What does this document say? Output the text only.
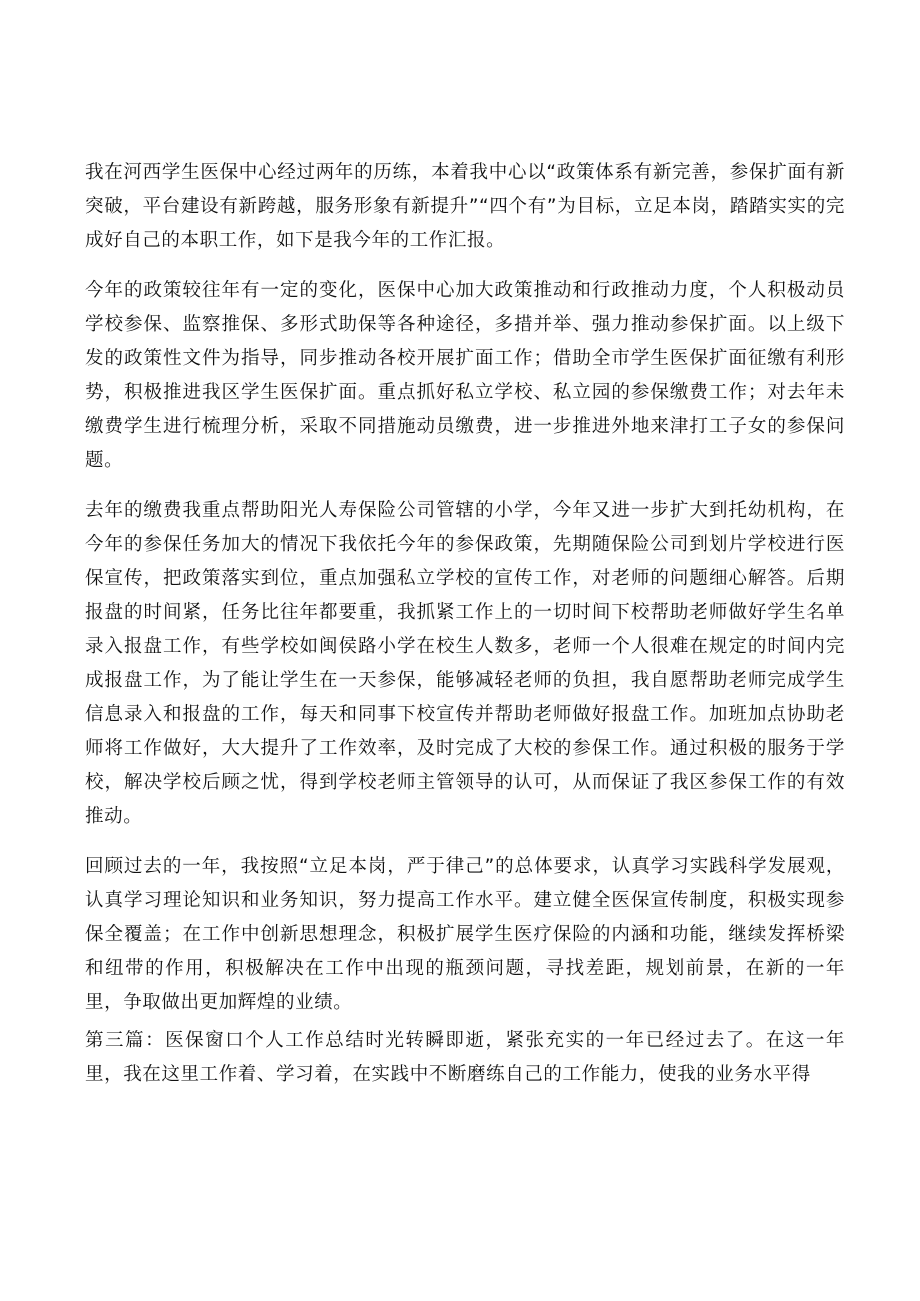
我在河西学生医保中心经过两年的历练，本着我中心以“政策体系有新完善，参保扩面有新突破，平台建设有新跨越，服务形象有新提升”“四个有”为目标，立足本岗，踏踏实实的完成好自己的本职工作，如下是我今年的工作汇报。

今年的政策较往年有一定的变化，医保中心加大政策推动和行政推动力度，个人积极动员学校参保、监察推保、多形式助保等各种途径，多措并举、强力推动参保扩面。以上级下发的政策性文件为指导，同步推动各校开展扩面工作；借助全市学生医保扩面征缴有利形势，积极推进我区学生医保扩面。重点抓好私立学校、私立园的参保缴费工作；对去年未缴费学生进行梳理分析，采取不同措施动员缴费，进一步推进外地来津打工子女的参保问题。

去年的缴费我重点帮助阳光人寿保险公司管辖的小学，今年又进一步扩大到托幼机构，在今年的参保任务加大的情况下我依托今年的参保政策，先期随保险公司到划片学校进行医保宣传，把政策落实到位，重点加强私立学校的宣传工作，对老师的问题细心解答。后期报盘的时间紧，任务比往年都要重，我抓紧工作上的一切时间下校帮助老师做好学生名单录入报盘工作，有些学校如闽侯路小学在校生人数多，老师一个人很难在规定的时间内完成报盘工作，为了能让学生在一天参保，能够减轻老师的负担，我自愿帮助老师完成学生信息录入和报盘的工作，每天和同事下校宣传并帮助老师做好报盘工作。加班加点协助老师将工作做好，大大提升了工作效率，及时完成了大校的参保工作。通过积极的服务于学校，解决学校后顾之忧，得到学校老师主管领导的认可，从而保证了我区参保工作的有效推动。

回顾过去的一年，我按照“立足本岗，严于律己”的总体要求，认真学习实践科学发展观，认真学习理论知识和业务知识，努力提高工作水平。建立健全医保宣传制度，积极实现参保全覆盖；在工作中创新思想理念，积极扩展学生医疗保险的内涵和功能，继续发挥桥梁和纽带的作用，积极解决在工作中出现的瓶颈问题，寻找差距，规划前景，在新的一年里，争取做出更加辉煌的业绩。

第三篇：医保窗口个人工作总结时光转瞬即逝，紧张充实的一年已经过去了。在这一年里，我在这里工作着、学习着，在实践中不断磨练自己的工作能力，使我的业务水平得
